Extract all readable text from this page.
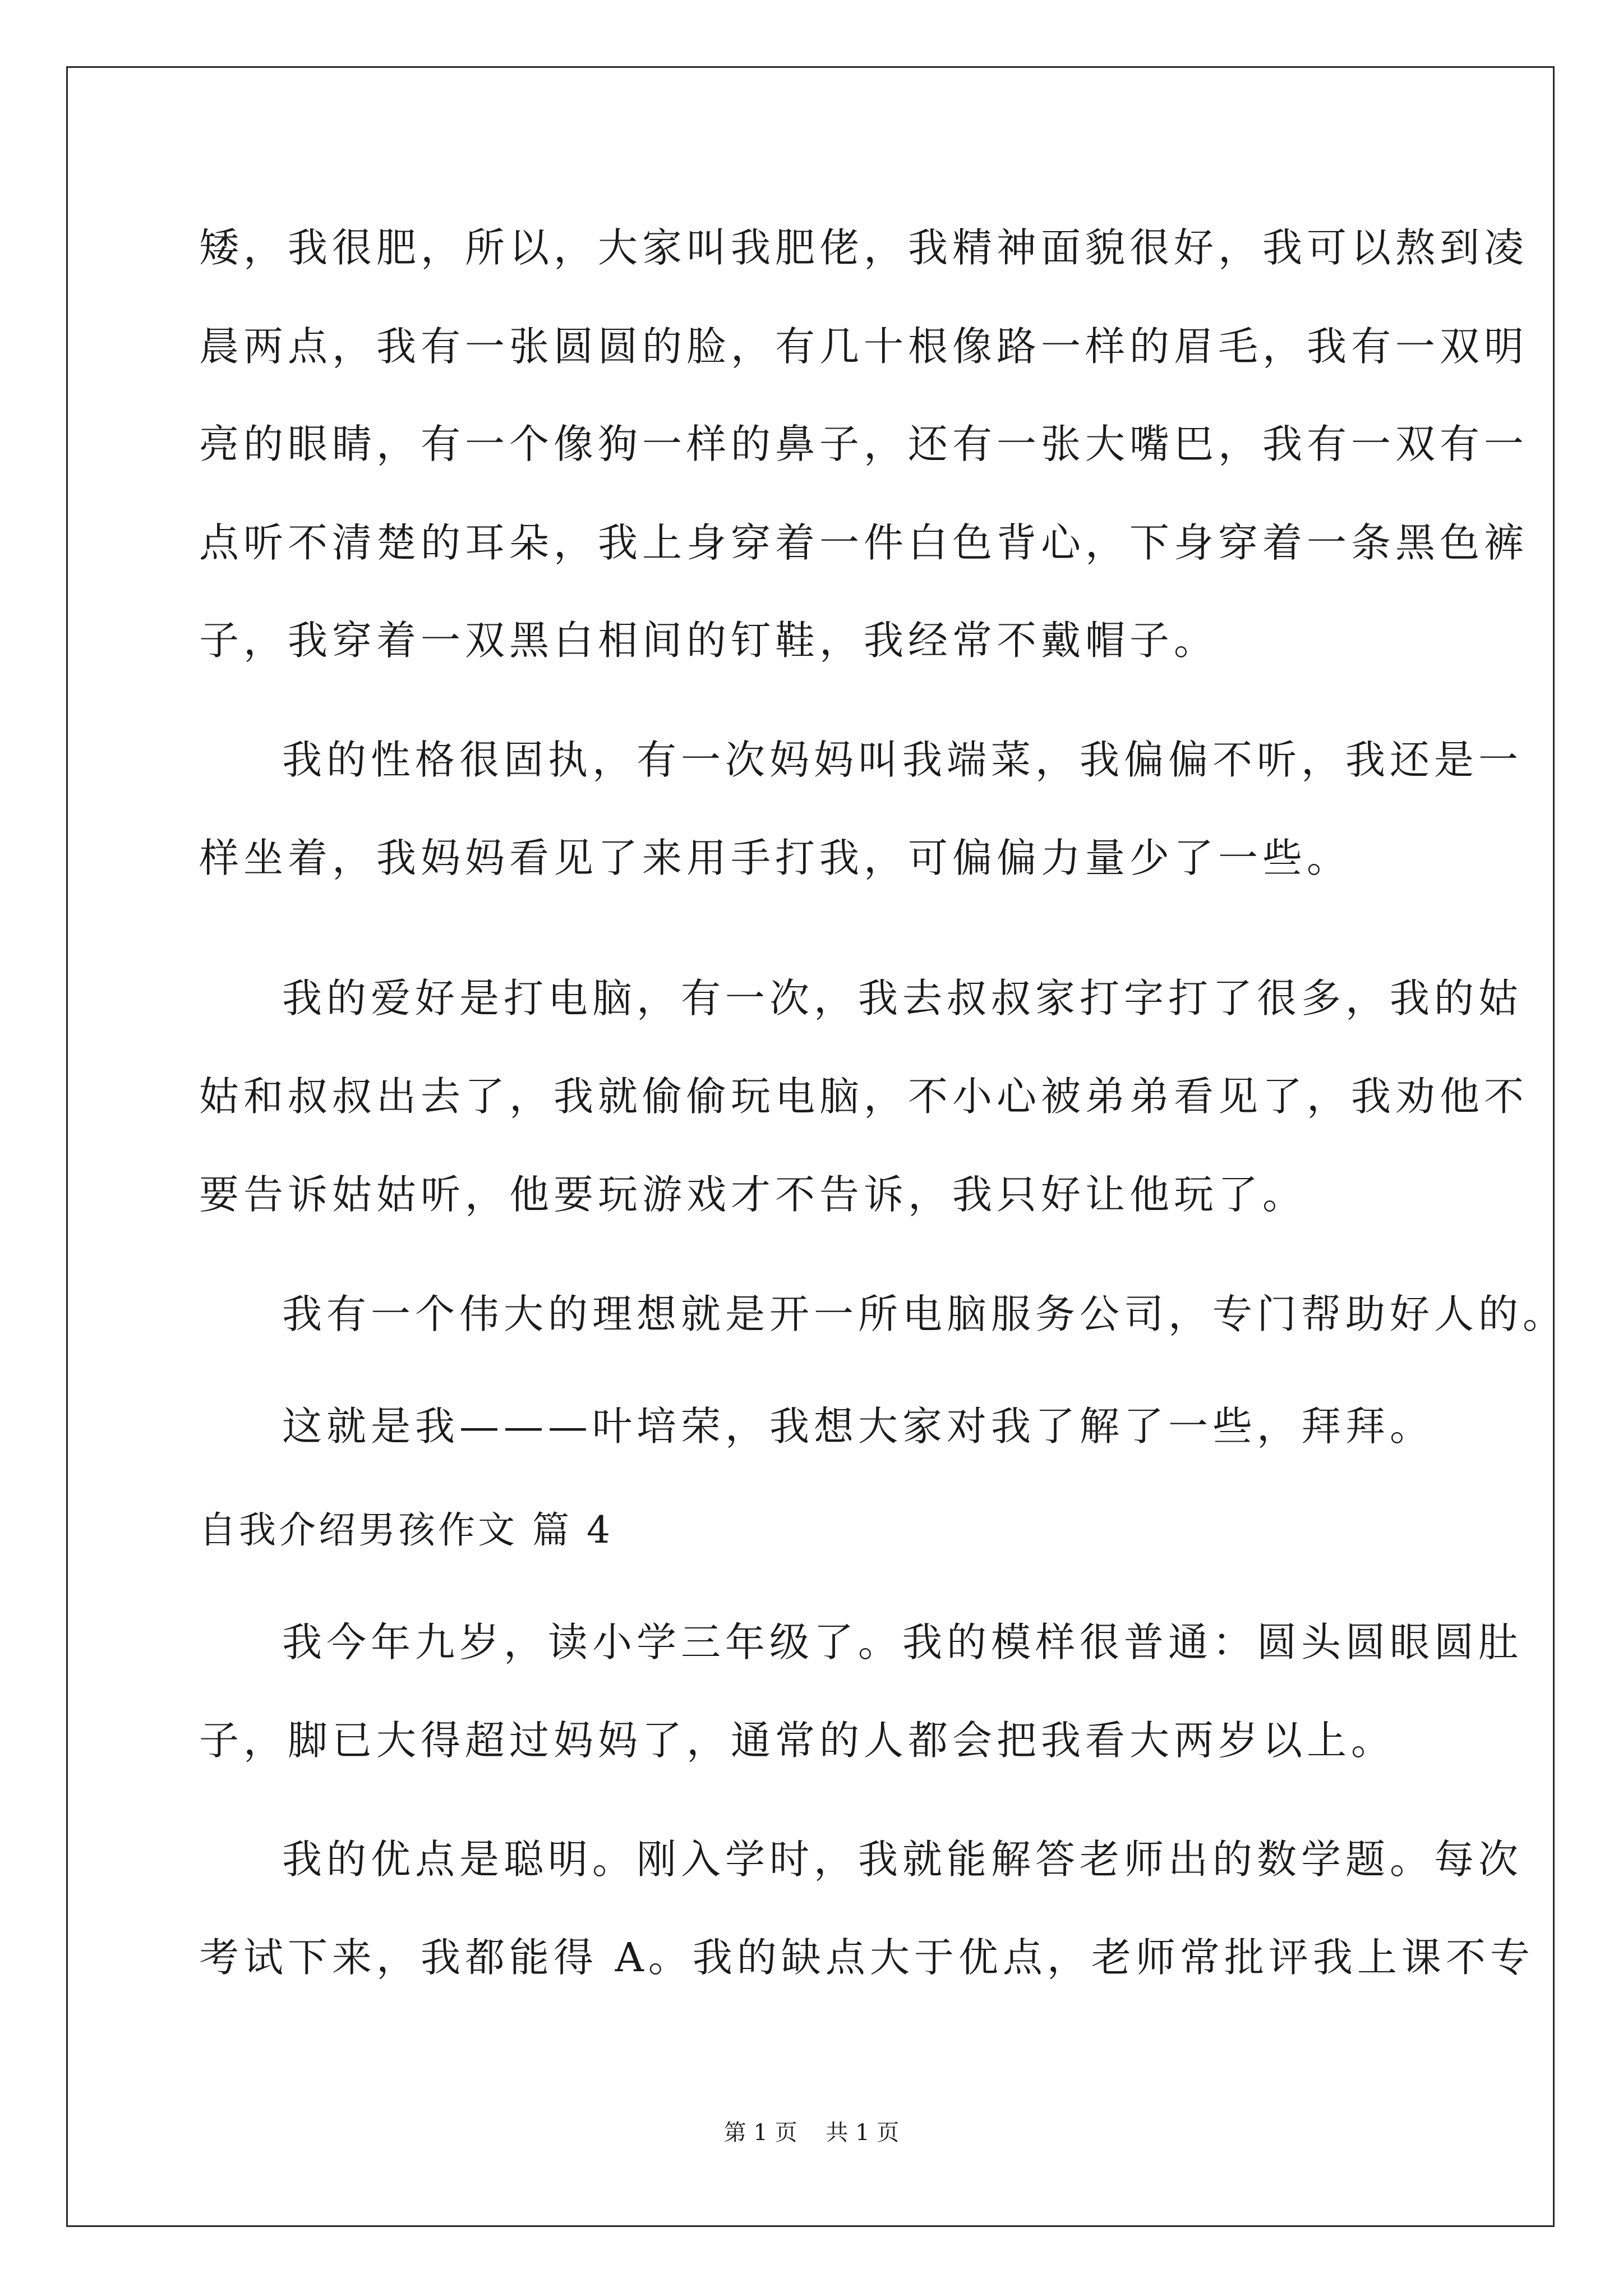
矮，我很肥，所以，大家叫我肥佬，我精神面貌很好，我可以熬到凌
晨两点，我有一张圆圆的脸，有几十根像路一样的眉毛，我有一双明
亮的眼睛，有一个像狗一样的鼻子，还有一张大嘴巴，我有一双有一
点听不清楚的耳朵，我上身穿着一件白色背心，下身穿着一条黑色裤
子，我穿着一双黑白相间的钉鞋，我经常不戴帽子。
我的性格很固执，有一次妈妈叫我端菜，我偏偏不听，我还是一
样坐着，我妈妈看见了来用手打我，可偏偏力量少了一些。
我的爱好是打电脑，有一次，我去叔叔家打字打了很多，我的姑
姑和叔叔出去了，我就偷偷玩电脑，不小心被弟弟看见了，我劝他不
要告诉姑姑听，他要玩游戏才不告诉，我只好让他玩了。
我有一个伟大的理想就是开一所电脑服务公司，专门帮助好人的。
这就是我———叶培荣，我想大家对我了解了一些，拜拜。
自我介绍男孩作文 篇 4
我今年九岁，读小学三年级了。我的模样很普通：圆头圆眼圆肚
子，脚已大得超过妈妈了，通常的人都会把我看大两岁以上。
我的优点是聪明。刚入学时，我就能解答老师出的数学题。每次
考试下来，我都能得 A。我的缺点大于优点，老师常批评我上课不专
第 1 页    共 1 页
